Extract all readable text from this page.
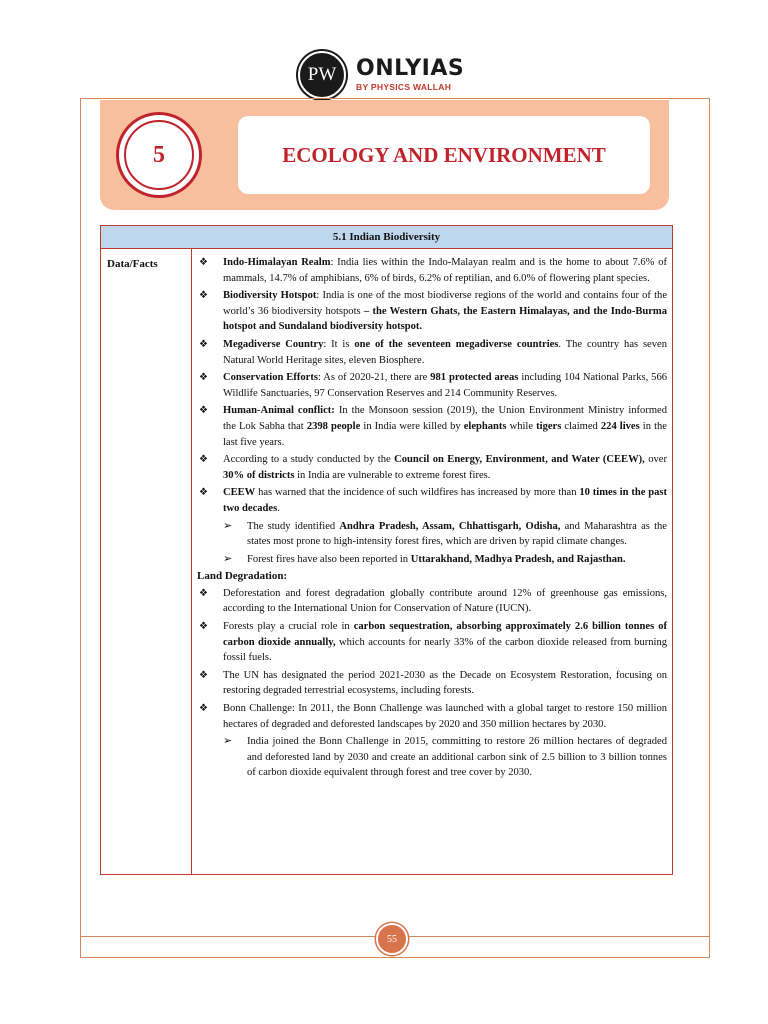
PW ONLYIAS
BY PHYSICS WALLAH
5	ECOLOGY AND ENVIRONMENT
5.1 Indian Biodiversity
Data/Facts	❖ Indo-Himalayan Realm: India lies within the Indo-Malayan realm and is the home to about 7.6% of mammals, 14.7% of amphibians, 6% of birds, 6.2% of reptilian, and 6.0% of flowering plant species.
❖ Biodiversity Hotspot: India is one of the most biodiverse regions of the world and contains four of the world’s 36 biodiversity hotspots – the Western Ghats, the Eastern Himalayas, and the Indo-Burma hotspot and Sundaland biodiversity hotspot.
❖ Megadiverse Country: It is one of the seventeen megadiverse countries. The country has seven Natural World Heritage sites, eleven Biosphere.
❖ Conservation Efforts: As of 2020-21, there are 981 protected areas including 104 National Parks, 566 Wildlife Sanctuaries, 97 Conservation Reserves and 214 Community Reserves.
❖ Human-Animal conflict: In the Monsoon session (2019), the Union Environment Ministry informed the Lok Sabha that 2398 people in India were killed by elephants while tigers claimed 224 lives in the last five years.
❖ According to a study conducted by the Council on Energy, Environment, and Water (CEEW), over 30% of districts in India are vulnerable to extreme forest fires.
❖ CEEW has warned that the incidence of such wildfires has increased by more than 10 times in the past two decades.
➢ The study identified Andhra Pradesh, Assam, Chhattisgarh, Odisha, and Maharashtra as the states most prone to high-intensity forest fires, which are driven by rapid climate changes.
➢ Forest fires have also been reported in Uttarakhand, Madhya Pradesh, and Rajasthan.
Land Degradation:
❖ Deforestation and forest degradation globally contribute around 12% of greenhouse gas emissions, according to the International Union for Conservation of Nature (IUCN).
❖ Forests play a crucial role in carbon sequestration, absorbing approximately 2.6 billion tonnes of carbon dioxide annually, which accounts for nearly 33% of the carbon dioxide released from burning fossil fuels.
❖ The UN has designated the period 2021-2030 as the Decade on Ecosystem Restoration, focusing on restoring degraded terrestrial ecosystems, including forests.
❖ Bonn Challenge: In 2011, the Bonn Challenge was launched with a global target to restore 150 million hectares of degraded and deforested landscapes by 2020 and 350 million hectares by 2030.
➢ India joined the Bonn Challenge in 2015, committing to restore 26 million hectares of degraded and deforested land by 2030 and create an additional carbon sink of 2.5 billion to 3 billion tonnes of carbon dioxide equivalent through forest and tree cover by 2030.
55
